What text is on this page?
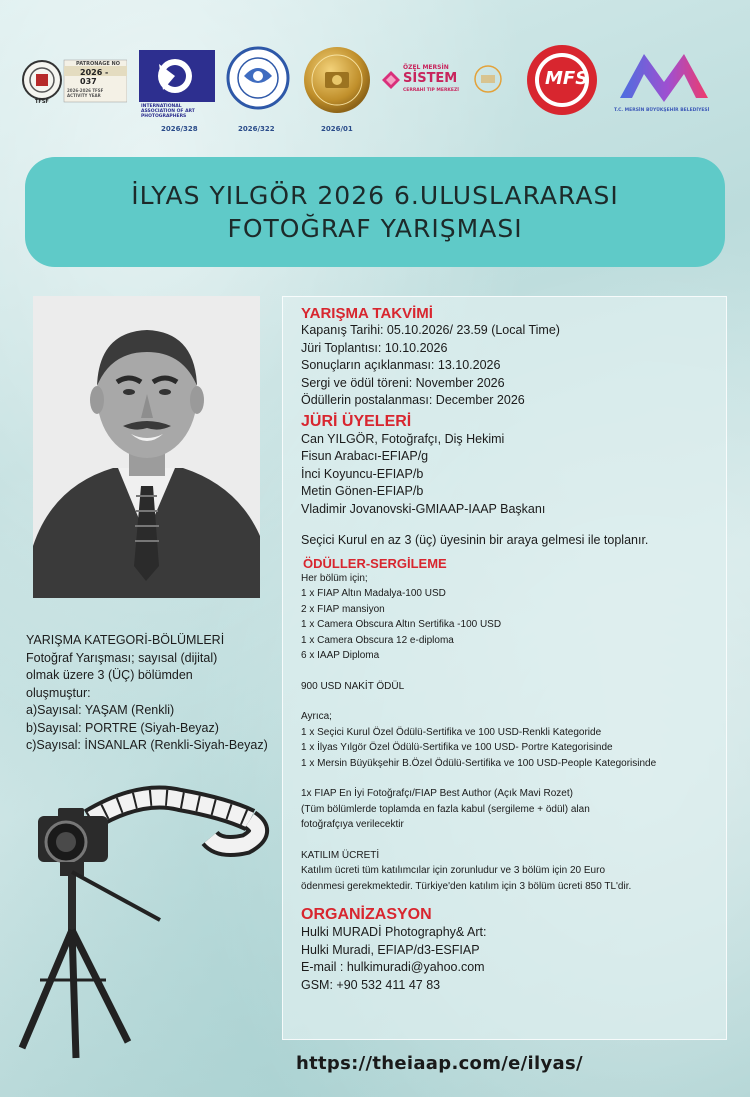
PATRONAGE NO
2026 - 037
TFSF
2026-2026 TFSF ACTIVITY YEAR
INTERNATIONAL ASSOCIATION OF ART PHOTOGRAPHERS
2026/328	2026/322	2026/01
ÖZEL MERSİN
SİSTEM
CERRAHİ TIP MERKEZİ
MFS
T.C. MERSİN BÜYÜKŞEHİR BELEDİYESİ
İLYAS YILGÖR 2026 6.ULUSLARARASI
FOTOĞRAF YARIŞMASI
YARIŞMA TAKVİMİ
Kapanış Tarihi: 05.10.2026/ 23.59 (Local Time)
Jüri Toplantısı: 10.10.2026
Sonuçların açıklanması: 13.10.2026
Sergi ve ödül töreni: November 2026
Ödüllerin postalanması: December 2026
JÜRİ ÜYELERİ
Can YILGÖR, Fotoğrafçı, Diş Hekimi
Fisun Arabacı-EFIAP/g
İnci Koyuncu-EFIAP/b
Metin Gönen-EFIAP/b
Vladimir Jovanovski-GMIAAP-IAAP Başkanı
Seçici Kurul en az 3 (üç) üyesinin bir araya gelmesi ile toplanır.
ÖDÜLLER-SERGİLEME
Her bölüm için;
1 x FIAP Altın Madalya-100 USD
2 x FIAP mansiyon
1 x Camera Obscura Altın Sertifika -100 USD
1 x Camera Obscura 12 e-diploma
6 x IAAP Diploma
900 USD NAKİT ÖDÜL
Ayrıca;
1 x Seçici Kurul Özel Ödülü-Sertifika ve 100 USD-Renkli Kategoride
1 x İlyas Yılgör Özel Ödülü-Sertifika ve 100 USD- Portre Kategorisinde
1 x Mersin Büyükşehir B.Özel Ödülü-Sertifika ve 100 USD-People Kategorisinde
1x FIAP En İyi Fotoğrafçı/FIAP Best Author (Açık Mavi Rozet)
(Tüm bölümlerde toplamda en fazla kabul (sergileme + ödül) alan
fotoğrafçıya verilecektir
KATILIM ÜCRETİ
Katılım ücreti tüm katılımcılar için zorunludur ve 3 bölüm için 20 Euro
ödenmesi gerekmektedir. Türkiye'den katılım için 3 bölüm ücreti 850 TL'dir.
ORGANİZASYON
Hulki MURADİ Photography& Art:
Hulki Muradi, EFIAP/d3-ESFIAP
E-mail : hulkimuradi@yahoo.com
GSM: +90 532 411 47 83
YARIŞMA KATEGORİ-BÖLÜMLERİ
Fotoğraf Yarışması; sayısal (dijital)
olmak üzere 3 (ÜÇ) bölümden
oluşmuştur:
a)Sayısal: YAŞAM (Renkli)
b)Sayısal: PORTRE (Siyah-Beyaz)
c)Sayısal: İNSANLAR (Renkli-Siyah-Beyaz)
https://theiaap.com/e/ilyas/
